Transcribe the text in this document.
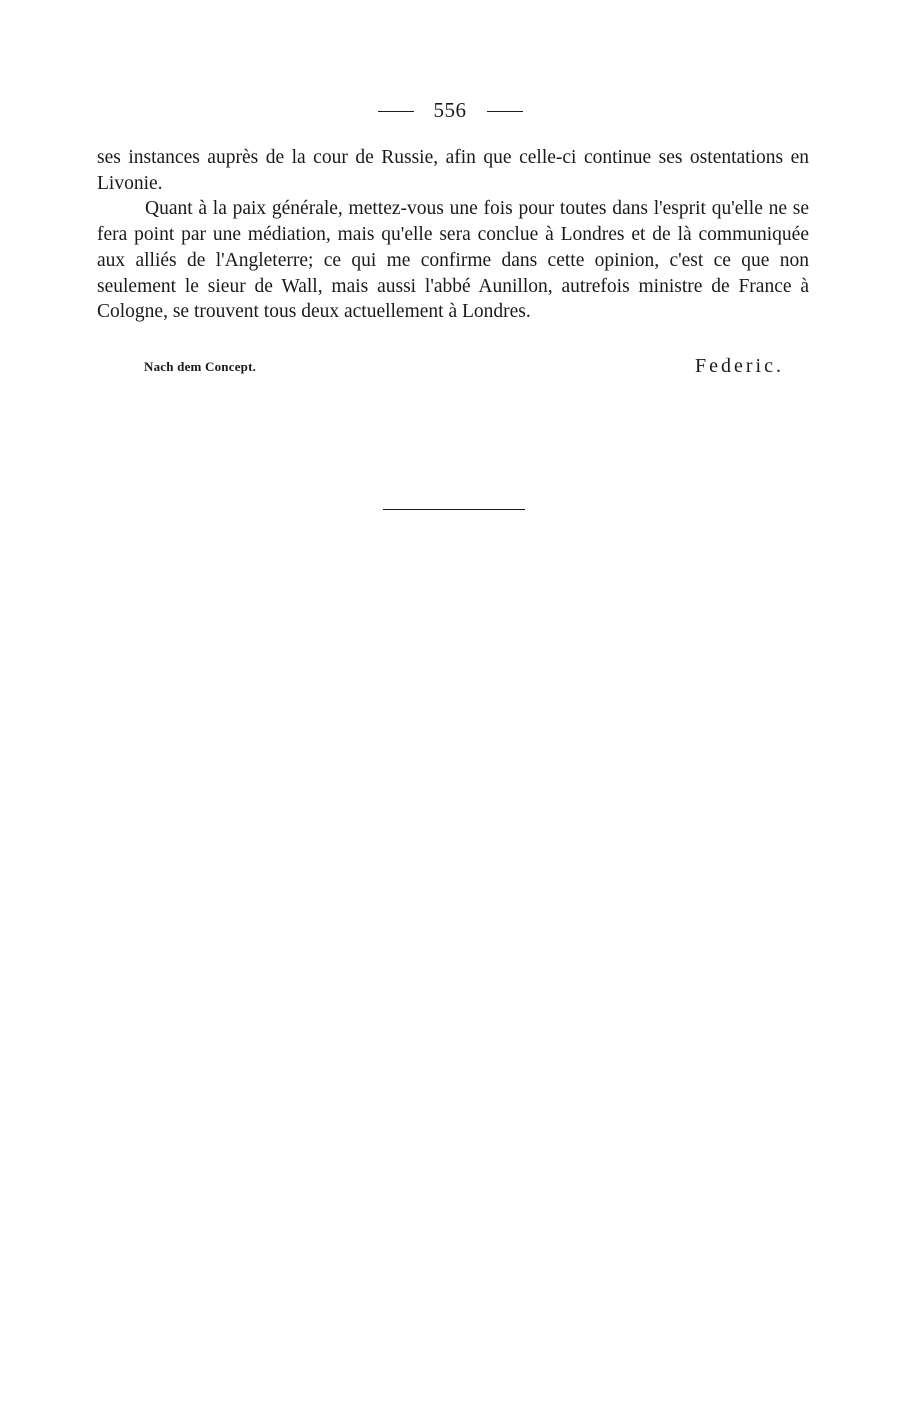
556

ses instances auprès de la cour de Russie, afin que celle-ci continue ses ostentations en Livonie.

Quant à la paix générale, mettez-vous une fois pour toutes dans l'esprit qu'elle ne se fera point par une médiation, mais qu'elle sera conclue à Londres et de là communiquée aux alliés de l'Angleterre; ce qui me confirme dans cette opinion, c'est ce que non seulement le sieur de Wall, mais aussi l'abbé Aunillon, autrefois ministre de France à Cologne, se trouvent tous deux actuellement à Londres.

Nach dem Concept.	Federic.
